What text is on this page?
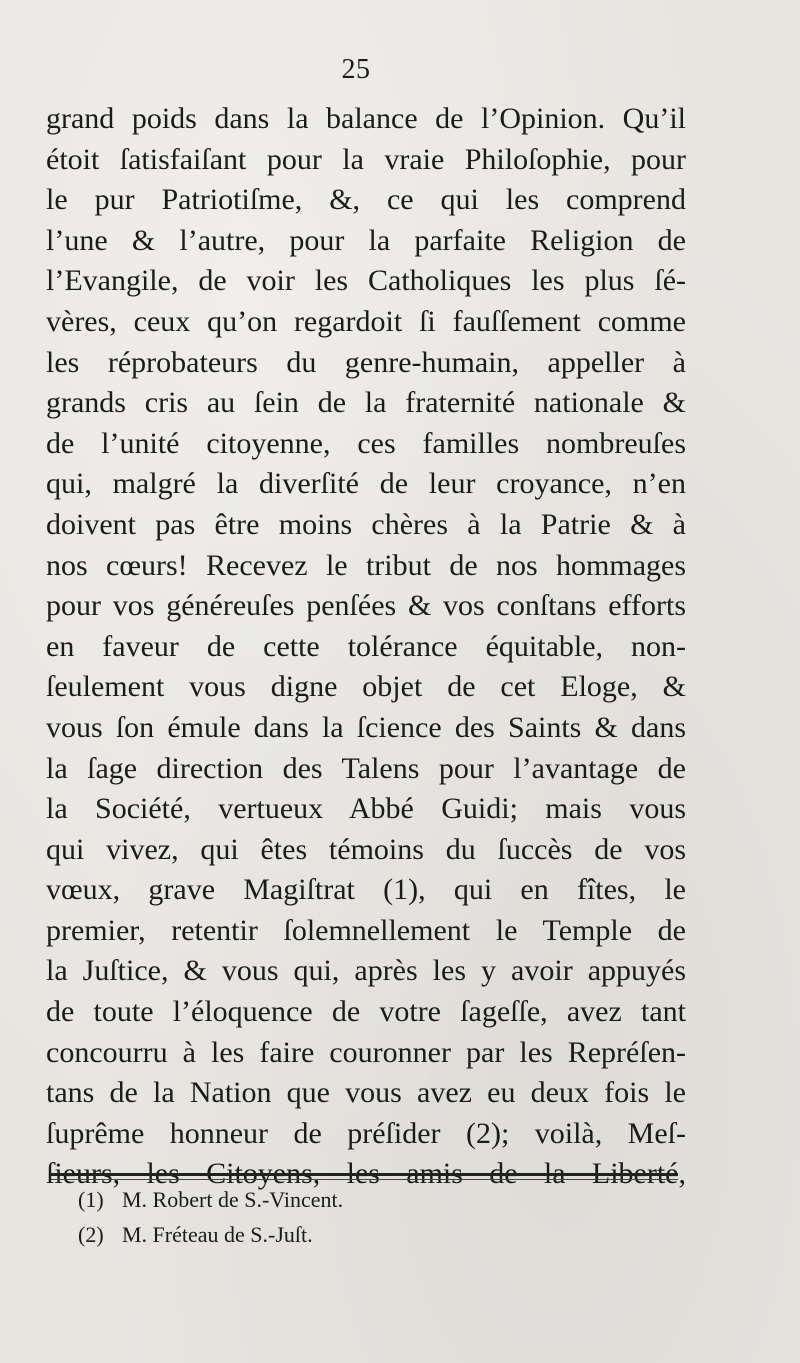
25
grand poids dans la balance de l’Opinion. Qu’il
étoit ſatisfaiſant pour la vraie Philoſophie, pour
le pur Patriotiſme, &, ce qui les comprend
l’une & l’autre, pour la parfaite Religion de
l’Evangile, de voir les Catholiques les plus ſé-
vères, ceux qu’on regardoit ſi fauſſement comme
les réprobateurs du genre-humain, appeller à
grands cris au ſein de la fraternité nationale &
de l’unité citoyenne, ces familles nombreuſes
qui, malgré la diverſité de leur croyance, n’en
doivent pas être moins chères à la Patrie & à
nos cœurs! Recevez le tribut de nos hommages
pour vos généreuſes penſées & vos conſtans efforts
en faveur de cette tolérance équitable, non-
ſeulement vous digne objet de cet Eloge, &
vous ſon émule dans la ſcience des Saints & dans
la ſage direction des Talens pour l’avantage de
la Société, vertueux Abbé Guidi; mais vous
qui vivez, qui êtes témoins du ſuccès de vos
vœux, grave Magiſtrat (1), qui en fîtes, le
premier, retentir ſolemnellement le Temple de
la Juſtice, & vous qui, après les y avoir appuyés
de toute l’éloquence de votre ſageſſe, avez tant
concourru à les faire couronner par les Repréſen-
tans de la Nation que vous avez eu deux fois le
ſuprême honneur de préſider (2); voilà, Meſ-
ſieurs, les Citoyens, les amis de la Liberté,
(1) M. Robert de S.-Vincent.
(2) M. Fréteau de S.-Juſt.
